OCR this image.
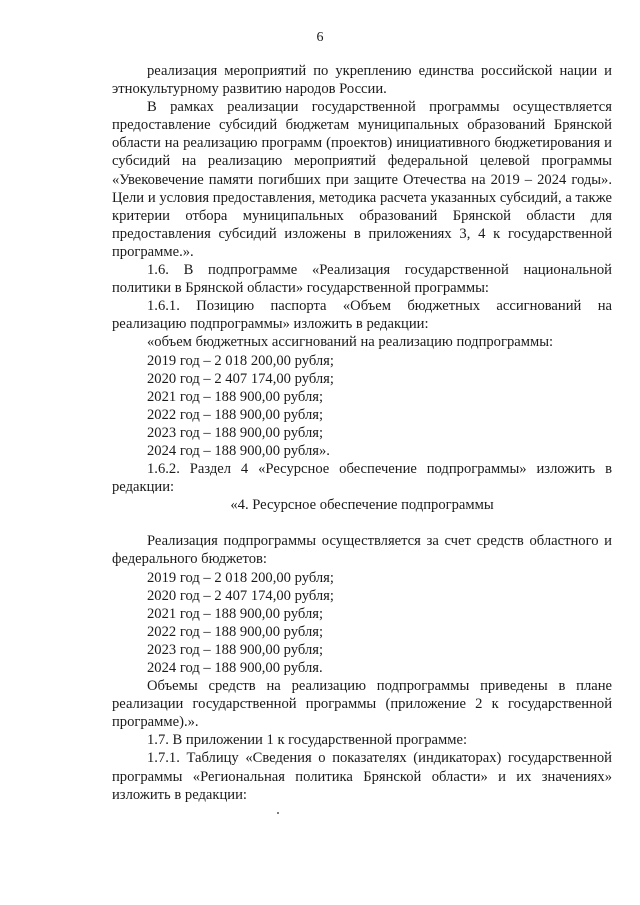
6

реализация мероприятий по укреплению единства российской нации и этнокультурному развитию народов России.

В рамках реализации государственной программы осуществляется предоставление субсидий бюджетам муниципальных образований Брянской области на реализацию программ (проектов) инициативного бюджетирования и субсидий на реализацию мероприятий федеральной целевой программы «Увековечение памяти погибших при защите Отечества на 2019 – 2024 годы». Цели и условия предоставления, методика расчета указанных субсидий, а также критерии отбора муниципальных образований Брянской области для предоставления субсидий изложены в приложениях 3, 4 к государственной программе.».

1.6. В подпрограмме «Реализация государственной национальной политики в Брянской области» государственной программы:

1.6.1. Позицию паспорта «Объем бюджетных ассигнований на реализацию подпрограммы» изложить в редакции:

«объем бюджетных ассигнований на реализацию подпрограммы:

2019 год – 2 018 200,00 рубля;

2020 год – 2 407 174,00 рубля;

2021 год – 188 900,00 рубля;

2022 год – 188 900,00 рубля;

2023 год – 188 900,00 рубля;

2024 год – 188 900,00 рубля».

1.6.2. Раздел 4 «Ресурсное обеспечение подпрограммы» изложить в редакции:

«4. Ресурсное обеспечение подпрограммы

Реализация подпрограммы осуществляется за счет средств областного и федерального бюджетов:

2019 год – 2 018 200,00 рубля;

2020 год – 2 407 174,00 рубля;

2021 год – 188 900,00 рубля;

2022 год – 188 900,00 рубля;

2023 год – 188 900,00 рубля;

2024 год – 188 900,00 рубля.

Объемы средств на реализацию подпрограммы приведены в плане реализации государственной программы (приложение 2 к государственной программе).».

1.7. В приложении 1 к государственной программе:

1.7.1. Таблицу «Сведения о показателях (индикаторах) государственной программы «Региональная политика Брянской области» и их значениях» изложить в редакции:
